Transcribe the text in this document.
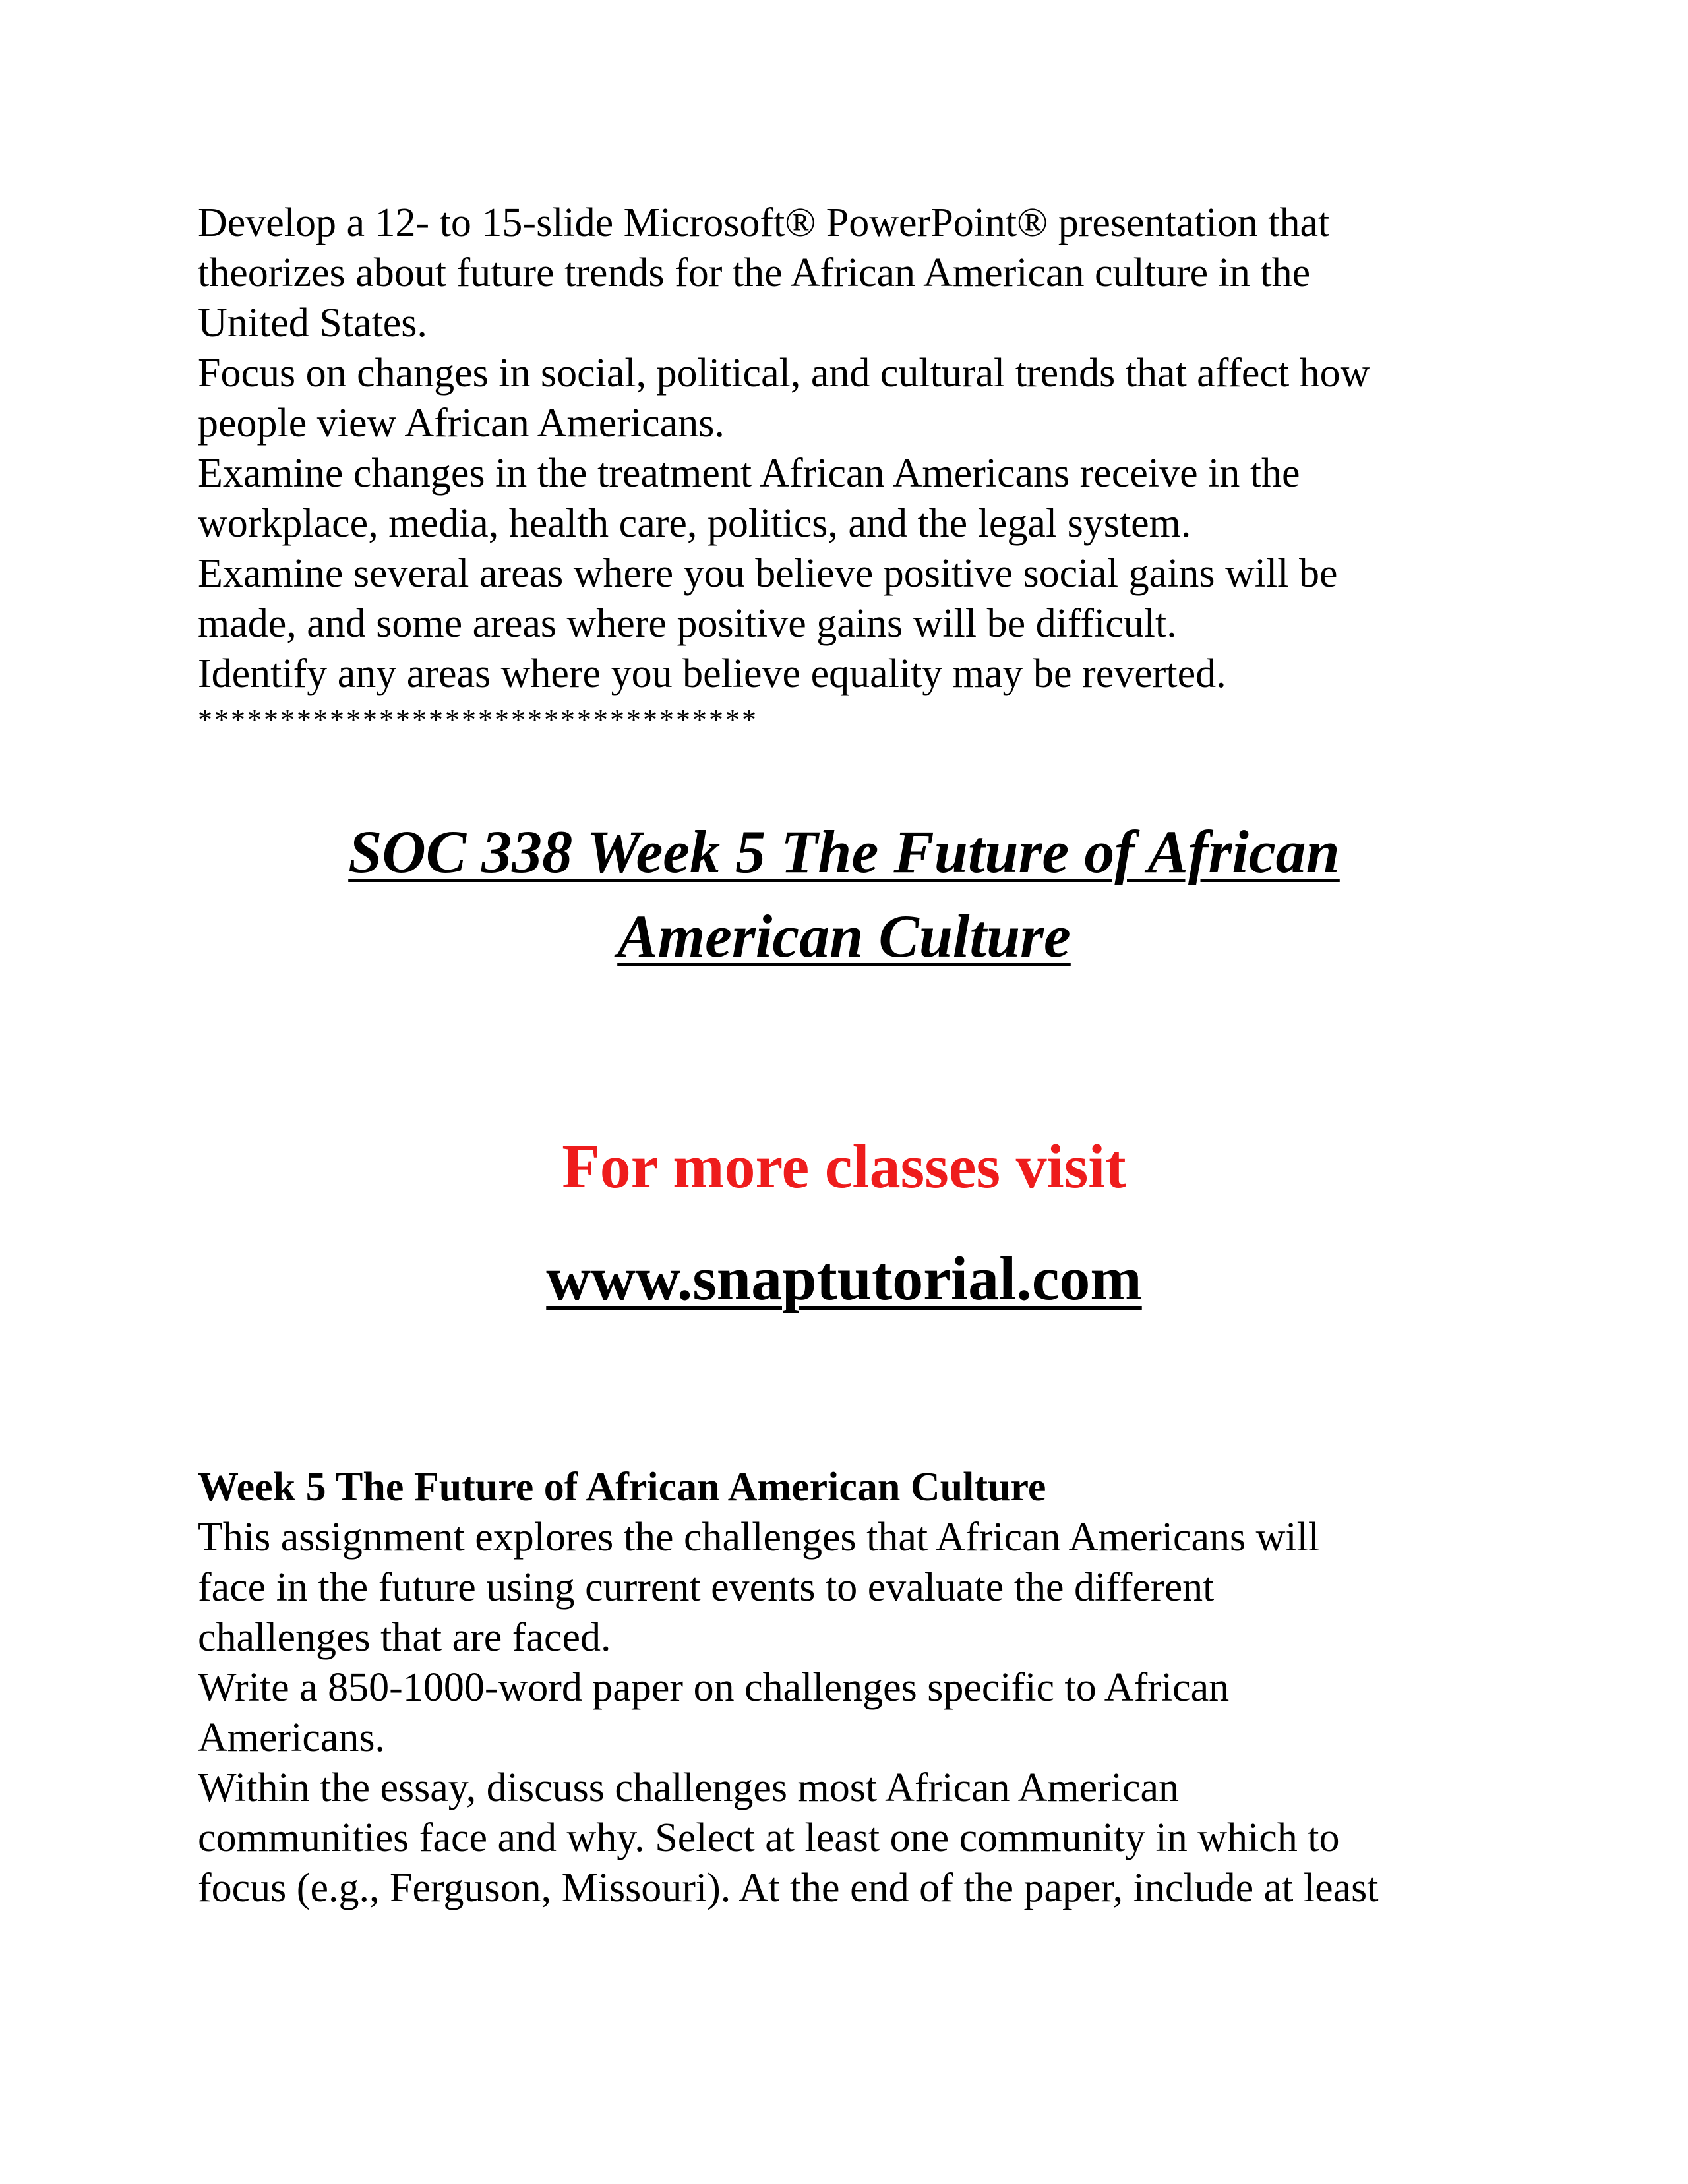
Develop a 12- to 15-slide Microsoft® PowerPoint® presentation that
theorizes about future trends for the African American culture in the
United States.
Focus on changes in social, political, and cultural trends that affect how
people view African Americans.
Examine changes in the treatment African Americans receive in the
workplace, media, health care, politics, and the legal system.
Examine several areas where you believe positive social gains will be
made, and some areas where positive gains will be difficult.
Identify any areas where you believe equality may be reverted.
**********************************
SOC 338 Week 5 The Future of African
American Culture
For more classes visit
www.snaptutorial.com
Week 5 The Future of African American Culture
This assignment explores the challenges that African Americans will
face in the future using current events to evaluate the different
challenges that are faced.
Write a 850-1000-word paper on challenges specific to African
Americans.
Within the essay, discuss challenges most African American
communities face and why. Select at least one community in which to
focus (e.g., Ferguson, Missouri). At the end of the paper, include at least
